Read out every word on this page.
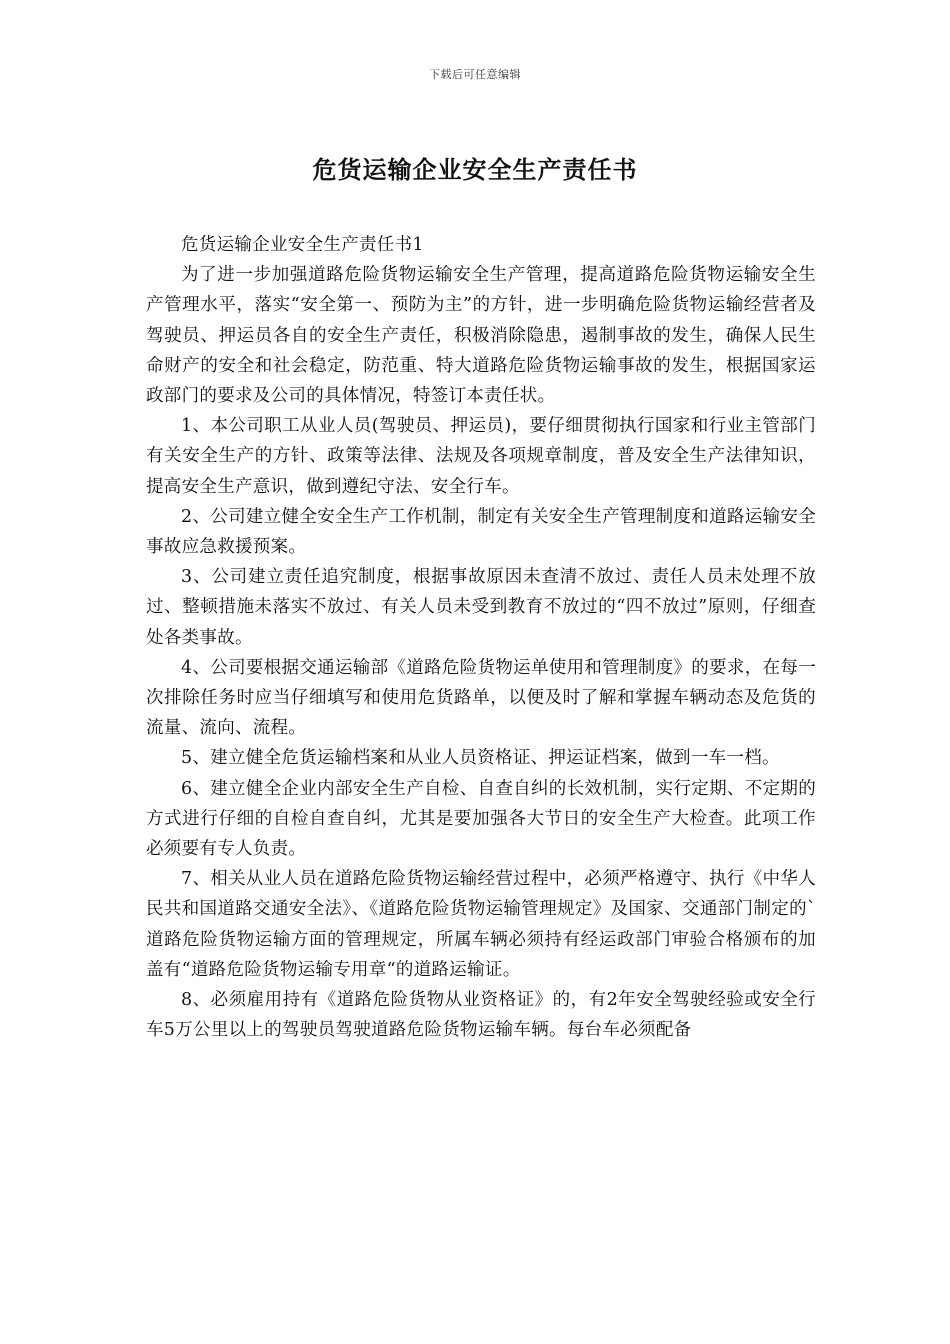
下载后可任意编辑
危货运输企业安全生产责任书

危货运输企业安全生产责任书1

为了进一步加强道路危险货物运输安全生产管理，提高道路危险货物运输安全生产管理水平，落实“安全第一、预防为主”的方针，进一步明确危险货物运输经营者及驾驶员、押运员各自的安全生产责任，积极消除隐患，遏制事故的发生，确保人民生命财产的安全和社会稳定，防范重、特大道路危险货物运输事故的发生，根据国家运政部门的要求及公司的具体情况，特签订本责任状。

1、本公司职工从业人员(驾驶员、押运员)，要仔细贯彻执行国家和行业主管部门有关安全生产的方针、政策等法律、法规及各项规章制度，普及安全生产法律知识，提高安全生产意识，做到遵纪守法、安全行车。

2、公司建立健全安全生产工作机制，制定有关安全生产管理制度和道路运输安全事故应急救援预案。

3、公司建立责任追究制度，根据事故原因未查清不放过、责任人员未处理不放过、整顿措施未落实不放过、有关人员未受到教育不放过的“四不放过”原则，仔细查处各类事故。

4、公司要根据交通运输部《道路危险货物运单使用和管理制度》的要求，在每一次排除任务时应当仔细填写和使用危货路单，以便及时了解和掌握车辆动态及危货的流量、流向、流程。

5、建立健全危货运输档案和从业人员资格证、押运证档案，做到一车一档。

6、建立健全企业内部安全生产自检、自查自纠的长效机制，实行定期、不定期的方式进行仔细的自检自查自纠，尤其是要加强各大节日的安全生产大检查。此项工作必须要有专人负责。

7、相关从业人员在道路危险货物运输经营过程中，必须严格遵守、执行《中华人民共和国道路交通安全法》、《道路危险货物运输管理规定》及国家、交通部门制定的`道路危险货物运输方面的管理规定，所属车辆必须持有经运政部门审验合格颁布的加盖有“道路危险货物运输专用章“的道路运输证。

8、必须雇用持有《道路危险货物从业资格证》的，有2年安全驾驶经验或安全行车5万公里以上的驾驶员驾驶道路危险货物运输车辆。每台车必须配备
